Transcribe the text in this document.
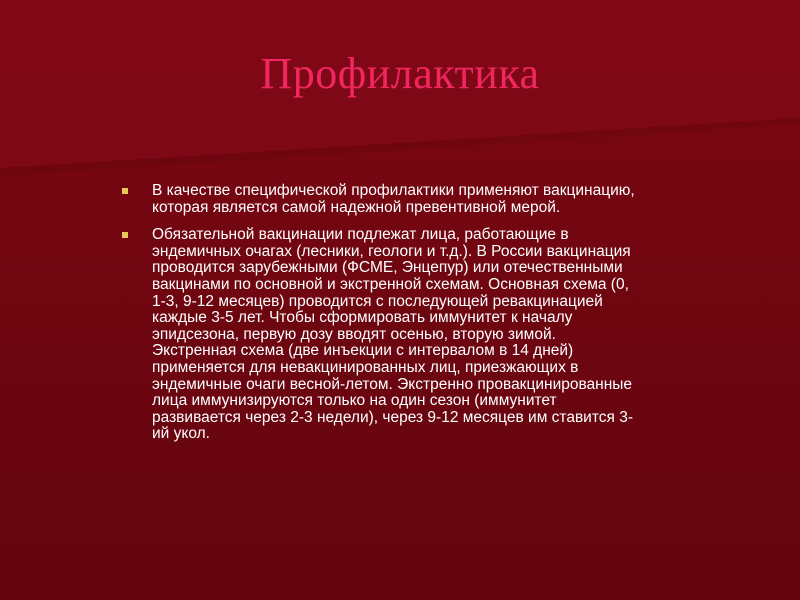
Профилактика
В качестве специфической профилактики применяют вакцинацию, которая является самой надежной превентивной мерой.
Обязательной вакцинации подлежат лица, работающие в эндемичных очагах (лесники, геологи и т.д.). В России вакцинация проводится зарубежными (ФСМЕ, Энцепур) или отечественными вакцинами по основной и экстренной схемам. Основная схема (0, 1-3, 9-12 месяцев) проводится с последующей ревакцинацией каждые 3-5 лет. Чтобы сформировать иммунитет к началу эпидсезона, первую дозу вводят осенью, вторую зимой. Экстренная схема (две инъекции с интервалом в 14 дней) применяется для невакцинированных лиц, приезжающих в эндемичные очаги весной-летом. Экстренно провакцинированные лица иммунизируются только на один сезон (иммунитет развивается через 2-3 недели), через 9-12 месяцев им ставится 3-ий укол.
